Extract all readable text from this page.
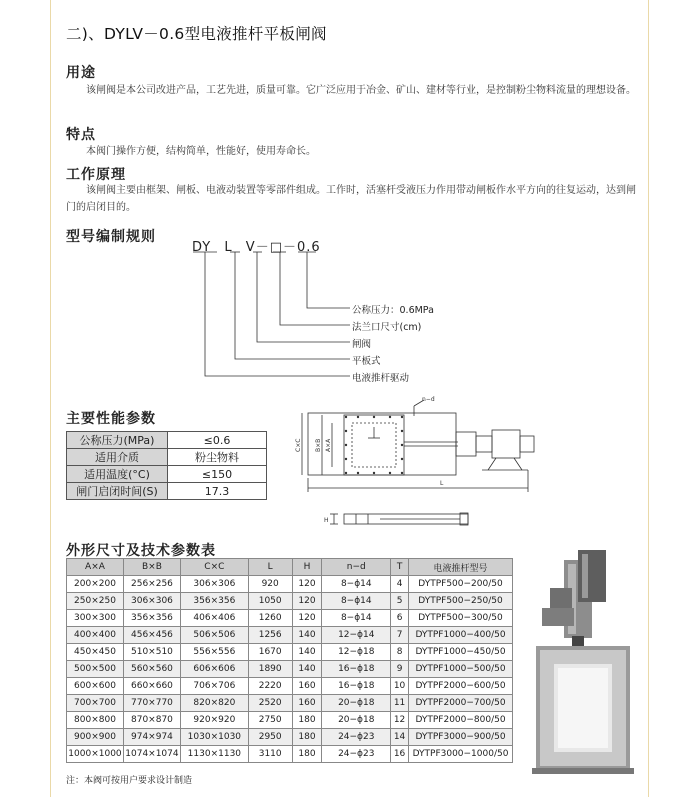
二)、DYLV－0.6型电液推杆平板闸阀
用途
该闸阀是本公司改进产品，工艺先进，质量可靠。它广泛应用于冶金、矿山、建材等行业，是控制粉尘物料流量的理想设备。
特点
本阀门操作方便，结构简单，性能好，使用寿命长。
工作原理
该闸阀主要由框架、闸板、电液动装置等零部件组成。工作时，活塞杆受液压力作用带动闸板作水平方向的往复运动，达到闸门的启闭目的。
型号编制规则
DY L V－□－0.6
公称压力：0.6MPa
法兰口尺寸(cm)
闸阀
平板式
电液推杆驱动
主要性能参数
公称压力(MPa)	≤0.6
适用介质	粉尘物料
适用温度(°C)	≤150
闸门启闭时间(S)	17.3
n−d
C×C B×B A×A
L
H
外形尺寸及技术参数表
A×A	B×B	C×C	L	H	n−d	T	电液推杆型号
200×200	256×256	306×306	920	120	8−ϕ14	4	DYTPF500−200/50
250×250	306×306	356×356	1050	120	8−ϕ14	5	DYTPF500−250/50
300×300	356×356	406×406	1260	120	8−ϕ14	6	DYTPF500−300/50
400×400	456×456	506×506	1256	140	12−ϕ14	7	DYTPF1000−400/50
450×450	510×510	556×556	1670	140	12−ϕ18	8	DYTPF1000−450/50
500×500	560×560	606×606	1890	140	16−ϕ18	9	DYTPF1000−500/50
600×600	660×660	706×706	2220	160	16−ϕ18	10	DYTPF2000−600/50
700×700	770×770	820×820	2520	160	20−ϕ18	11	DYTPF2000−700/50
800×800	870×870	920×920	2750	180	20−ϕ18	12	DYTPF2000−800/50
900×900	974×974	1030×1030	2950	180	24−ϕ23	14	DYTPF3000−900/50
1000×1000	1074×1074	1130×1130	3110	180	24−ϕ23	16	DYTPF3000−1000/50
注：本阀可按用户要求设计制造
